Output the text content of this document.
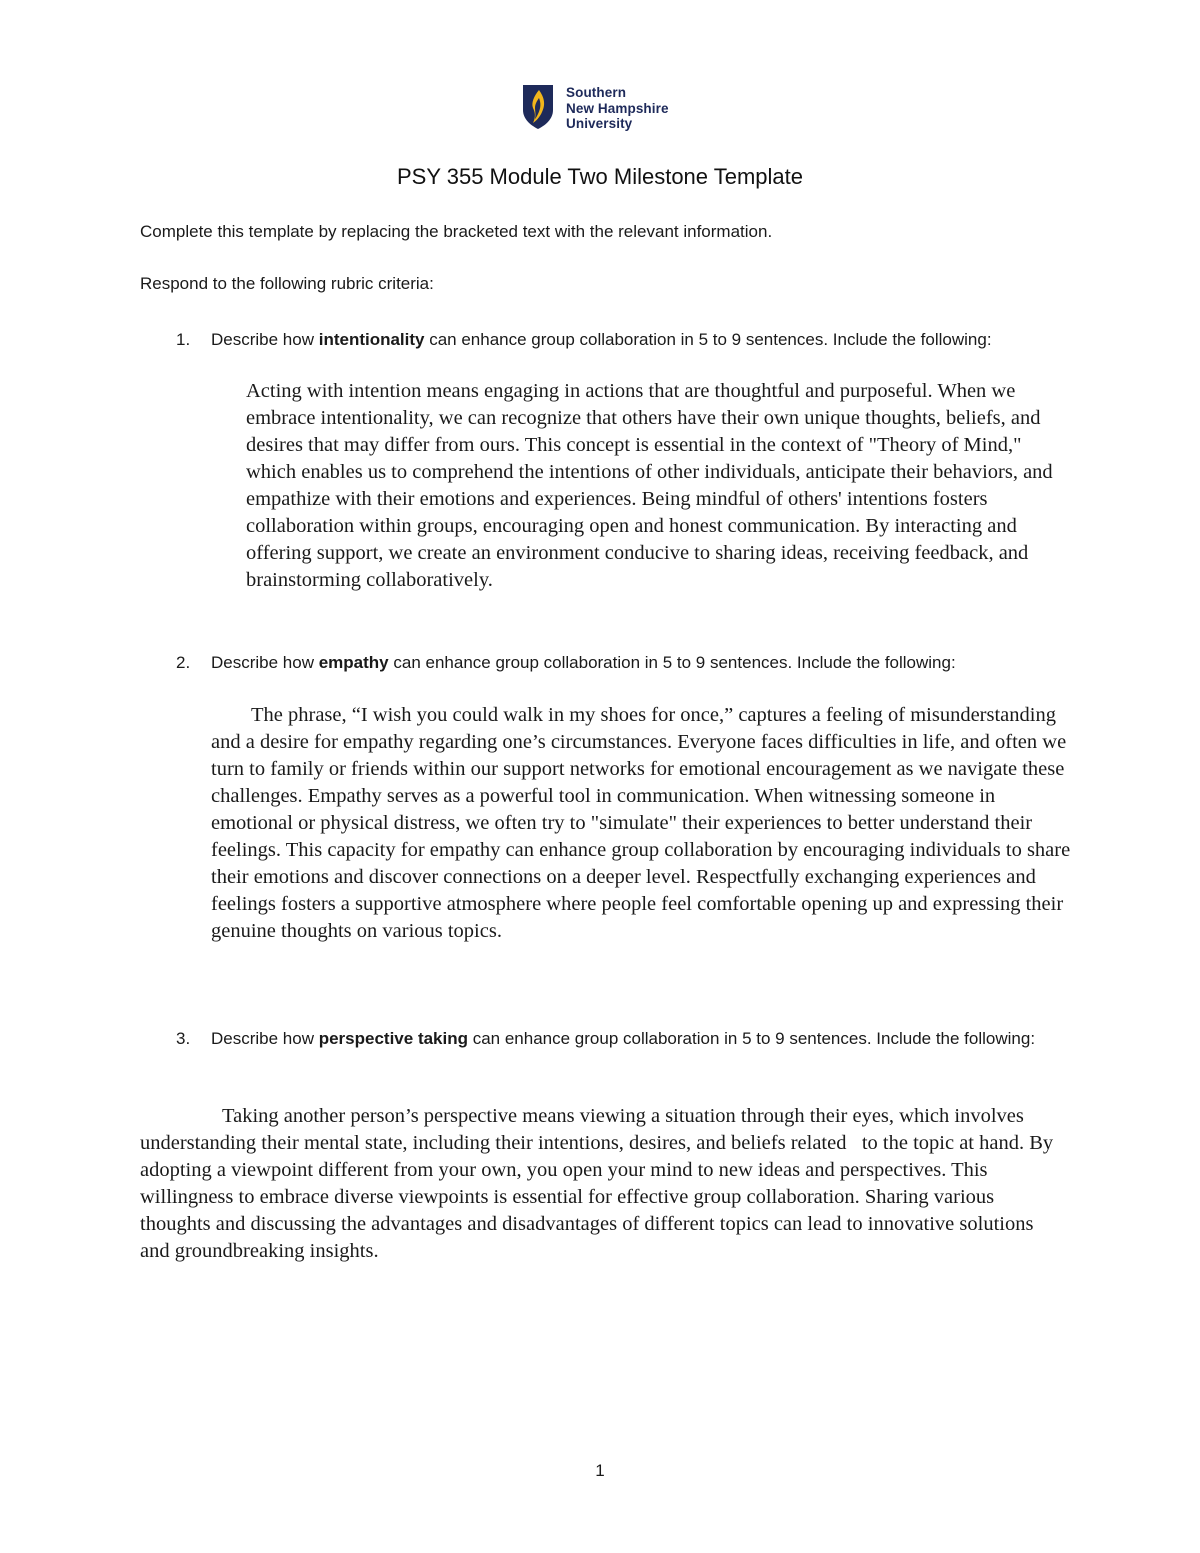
Southern
New Hampshire
University
PSY 355 Module Two Milestone Template
Complete this template by replacing the bracketed text with the relevant information.
Respond to the following rubric criteria:
1. Describe how intentionality can enhance group collaboration in 5 to 9 sentences. Include the following:
Acting with intention means engaging in actions that are thoughtful and purposeful. When we embrace intentionality, we can recognize that others have their own unique thoughts, beliefs, and desires that may differ from ours. This concept is essential in the context of "Theory of Mind," which enables us to comprehend the intentions of other individuals, anticipate their behaviors, and empathize with their emotions and experiences. Being mindful of others' intentions fosters collaboration within groups, encouraging open and honest communication. By interacting and offering support, we create an environment conducive to sharing ideas, receiving feedback, and brainstorming collaboratively.
2. Describe how empathy can enhance group collaboration in 5 to 9 sentences. Include the following:
The phrase, “I wish you could walk in my shoes for once,” captures a feeling of misunderstanding and a desire for empathy regarding one’s circumstances. Everyone faces difficulties in life, and often we turn to family or friends within our support networks for emotional encouragement as we navigate these challenges. Empathy serves as a powerful tool in communication. When witnessing someone in emotional or physical distress, we often try to "simulate" their experiences to better understand their feelings. This capacity for empathy can enhance group collaboration by encouraging individuals to share their emotions and discover connections on a deeper level. Respectfully exchanging experiences and feelings fosters a supportive atmosphere where people feel comfortable opening up and expressing their genuine thoughts on various topics.
3. Describe how perspective taking can enhance group collaboration in 5 to 9 sentences. Include the following:
Taking another person’s perspective means viewing a situation through their eyes, which involves understanding their mental state, including their intentions, desires, and beliefs related   to the topic at hand. By adopting a viewpoint different from your own, you open your mind to new ideas and perspectives. This willingness to embrace diverse viewpoints is essential for effective group collaboration. Sharing various thoughts and discussing the advantages and disadvantages of different topics can lead to innovative solutions and groundbreaking insights.
1
